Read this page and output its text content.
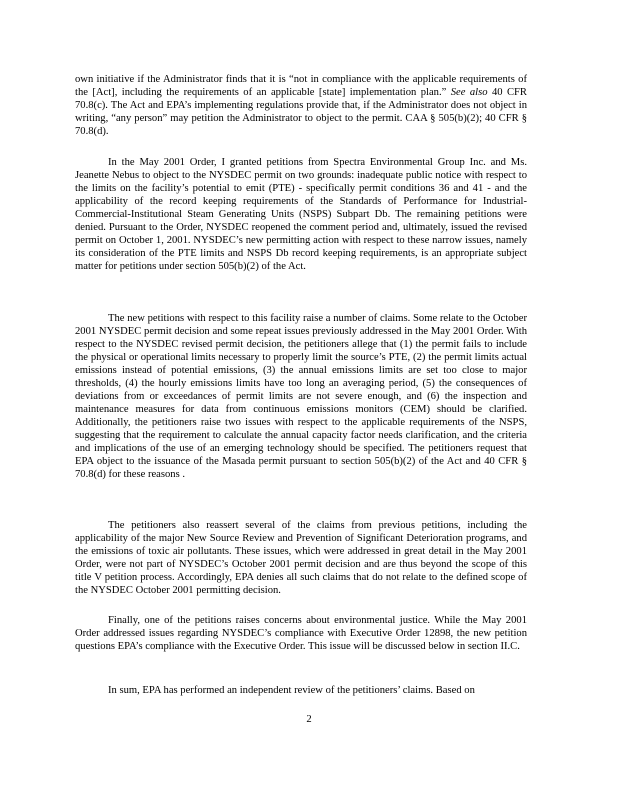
own initiative if the Administrator finds that it is “not in compliance with the applicable requirements of the [Act], including the requirements of an applicable [state] implementation plan.” See also 40 CFR 70.8(c). The Act and EPA’s implementing regulations provide that, if the Administrator does not object in writing, “any person” may petition the Administrator to object to the permit. CAA § 505(b)(2); 40 CFR § 70.8(d).

In the May 2001 Order, I granted petitions from Spectra Environmental Group Inc. and Ms. Jeanette Nebus to object to the NYSDEC permit on two grounds: inadequate public notice with respect to the limits on the facility’s potential to emit (PTE) - specifically permit conditions 36 and 41 - and the applicability of the record keeping requirements of the Standards of Performance for Industrial-Commercial-Institutional Steam Generating Units (NSPS) Subpart Db. The remaining petitions were denied. Pursuant to the Order, NYSDEC reopened the comment period and, ultimately, issued the revised permit on October 1, 2001. NYSDEC’s new permitting action with respect to these narrow issues, namely its consideration of the PTE limits and NSPS Db record keeping requirements, is an appropriate subject matter for petitions under section 505(b)(2) of the Act.

The new petitions with respect to this facility raise a number of claims. Some relate to the October 2001 NYSDEC permit decision and some repeat issues previously addressed in the May 2001 Order. With respect to the NYSDEC revised permit decision, the petitioners allege that (1) the permit fails to include the physical or operational limits necessary to properly limit the source’s PTE, (2) the permit limits actual emissions instead of potential emissions, (3) the annual emissions limits are set too close to major thresholds, (4) the hourly emissions limits have too long an averaging period, (5) the consequences of deviations from or exceedances of permit limits are not severe enough, and (6) the inspection and maintenance measures for data from continuous emissions monitors (CEM) should be clarified. Additionally, the petitioners raise two issues with respect to the applicable requirements of the NSPS, suggesting that the requirement to calculate the annual capacity factor needs clarification, and the criteria and implications of the use of an emerging technology should be specified. The petitioners request that EPA object to the issuance of the Masada permit pursuant to section 505(b)(2) of the Act and 40 CFR § 70.8(d) for these reasons .

The petitioners also reassert several of the claims from previous petitions, including the applicability of the major New Source Review and Prevention of Significant Deterioration programs, and the emissions of toxic air pollutants. These issues, which were addressed in great detail in the May 2001 Order, were not part of NYSDEC’s October 2001 permit decision and are thus beyond the scope of this title V petition process. Accordingly, EPA denies all such claims that do not relate to the defined scope of the NYSDEC October 2001 permitting decision.

Finally, one of the petitions raises concerns about environmental justice. While the May 2001 Order addressed issues regarding NYSDEC’s compliance with Executive Order 12898, the new petition questions EPA’s compliance with the Executive Order. This issue will be discussed below in section II.C.

In sum, EPA has performed an independent review of the petitioners’ claims. Based on

2
